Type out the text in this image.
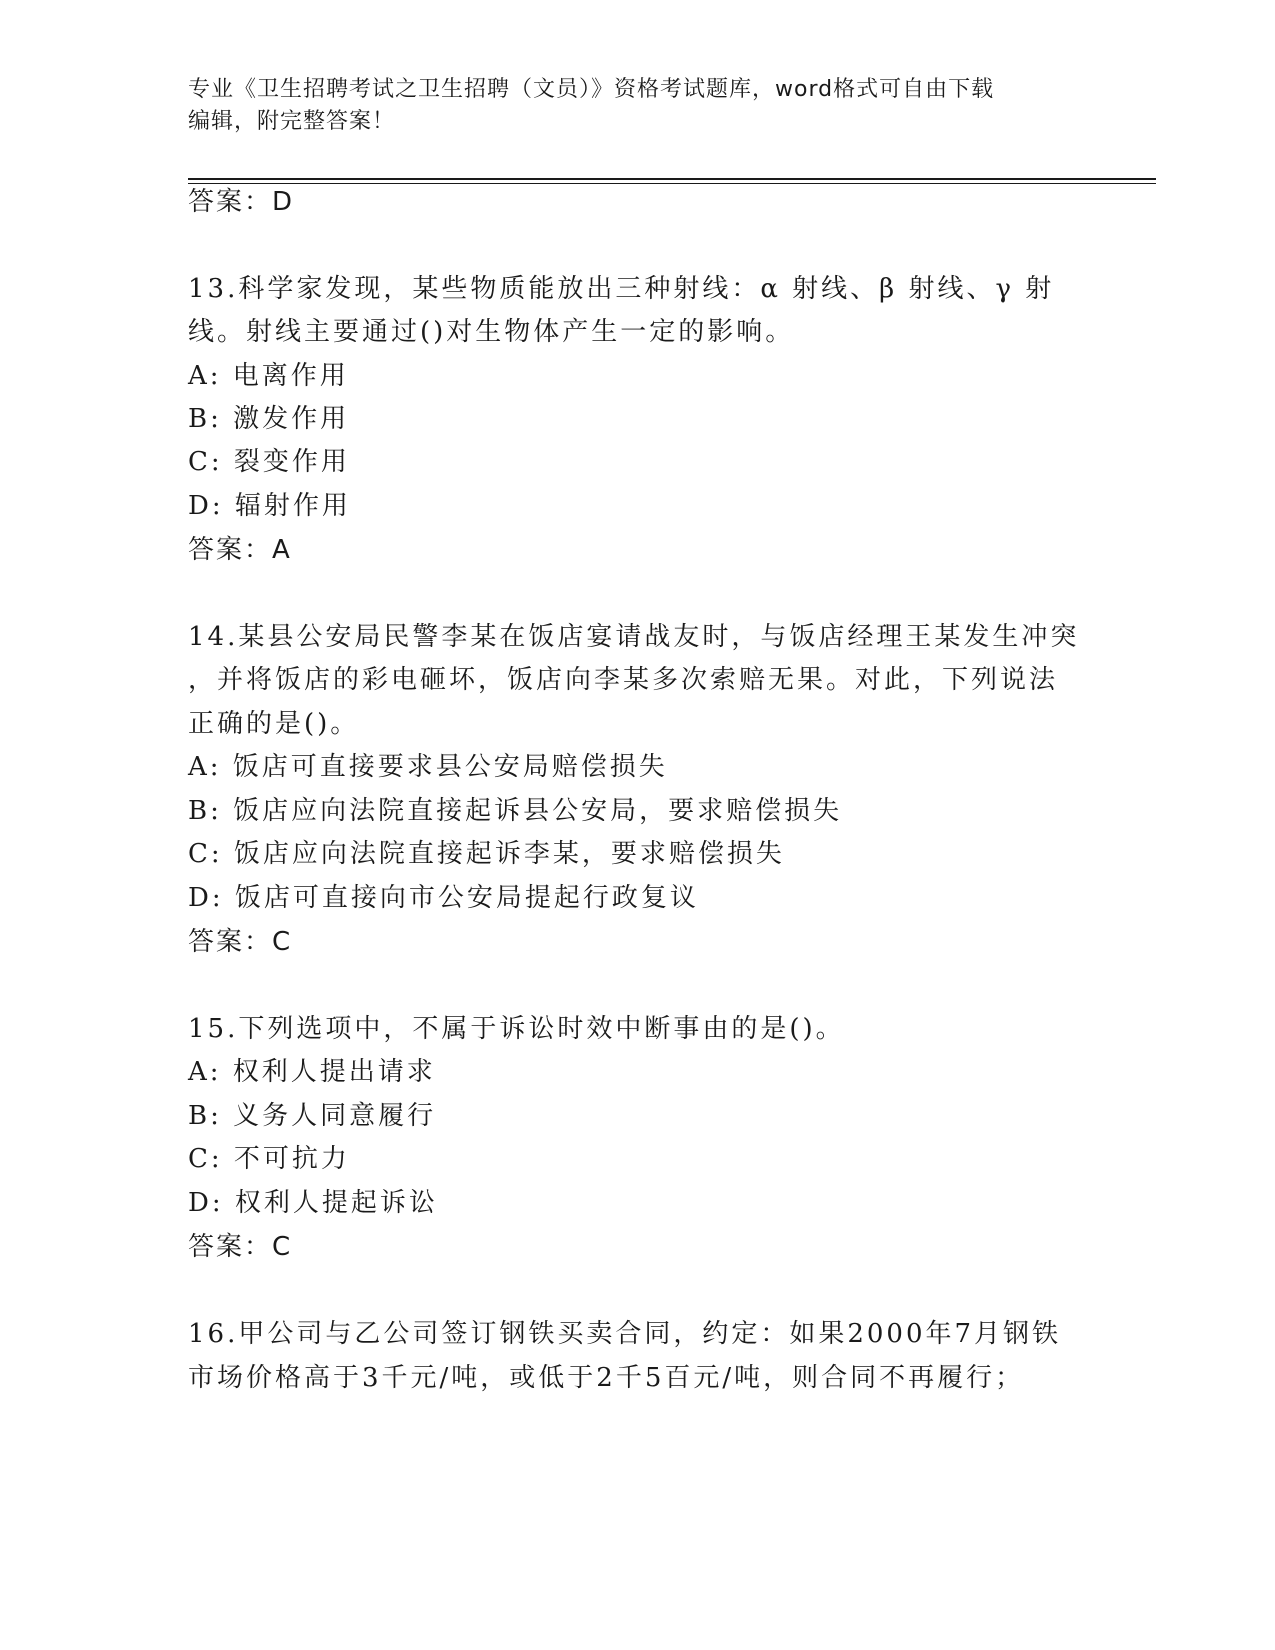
专业《卫生招聘考试之卫生招聘（文员）》资格考试题库，word格式可自由下载
编辑，附完整答案！
答案：D
13.科学家发现，某些物质能放出三种射线：α 射线、β 射线、γ 射
线。射线主要通过()对生物体产生一定的影响。
A: 电离作用
B: 激发作用
C: 裂变作用
D: 辐射作用
答案：A
14.某县公安局民警李某在饭店宴请战友时，与饭店经理王某发生冲突
，并将饭店的彩电砸坏，饭店向李某多次索赔无果。对此，下列说法
正确的是()。
A: 饭店可直接要求县公安局赔偿损失
B: 饭店应向法院直接起诉县公安局，要求赔偿损失
C: 饭店应向法院直接起诉李某，要求赔偿损失
D: 饭店可直接向市公安局提起行政复议
答案：C
15.下列选项中，不属于诉讼时效中断事由的是()。
A: 权利人提出请求
B: 义务人同意履行
C: 不可抗力
D: 权利人提起诉讼
答案：C
16.甲公司与乙公司签订钢铁买卖合同，约定：如果2000年7月钢铁
市场价格高于3千元/吨，或低于2千5百元/吨，则合同不再履行；
